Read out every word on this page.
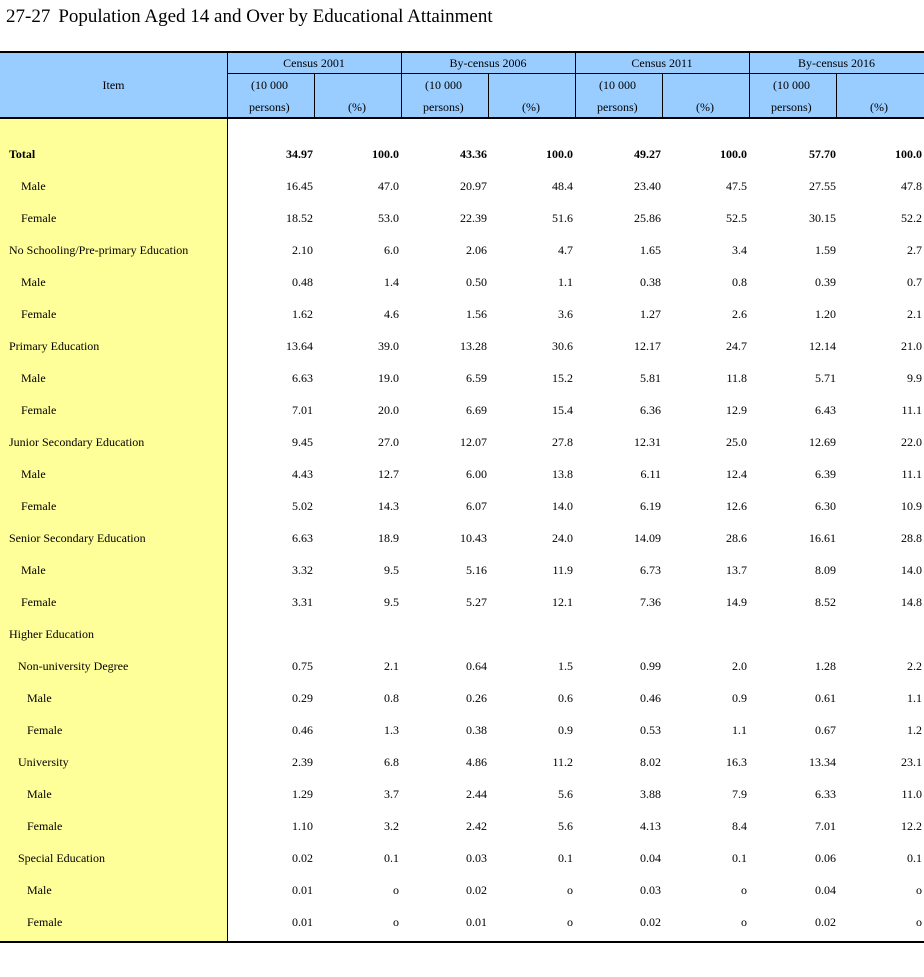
27-27 Population Aged 14 and Over by Educational Attainment
Item
Census 2001	By-census 2006	Census 2011	By-census 2016
(10 000
persons)	(%)
(10 000
persons)	(%)
(10 000
persons)	(%)
(10 000
persons)	(%)
Total	34.97	100.0	43.36	100.0	49.27	100.0	57.70	100.0
Male	16.45	47.0	20.97	48.4	23.40	47.5	27.55	47.8
Female	18.52	53.0	22.39	51.6	25.86	52.5	30.15	52.2
No Schooling/Pre-primary Education	2.10	6.0	2.06	4.7	1.65	3.4	1.59	2.7
Male	0.48	1.4	0.50	1.1	0.38	0.8	0.39	0.7
Female	1.62	4.6	1.56	3.6	1.27	2.6	1.20	2.1
Primary Education	13.64	39.0	13.28	30.6	12.17	24.7	12.14	21.0
Male	6.63	19.0	6.59	15.2	5.81	11.8	5.71	9.9
Female	7.01	20.0	6.69	15.4	6.36	12.9	6.43	11.1
Junior Secondary Education	9.45	27.0	12.07	27.8	12.31	25.0	12.69	22.0
Male	4.43	12.7	6.00	13.8	6.11	12.4	6.39	11.1
Female	5.02	14.3	6.07	14.0	6.19	12.6	6.30	10.9
Senior Secondary Education	6.63	18.9	10.43	24.0	14.09	28.6	16.61	28.8
Male	3.32	9.5	5.16	11.9	6.73	13.7	8.09	14.0
Female	3.31	9.5	5.27	12.1	7.36	14.9	8.52	14.8
Higher Education
Non-university Degree	0.75	2.1	0.64	1.5	0.99	2.0	1.28	2.2
Male	0.29	0.8	0.26	0.6	0.46	0.9	0.61	1.1
Female	0.46	1.3	0.38	0.9	0.53	1.1	0.67	1.2
University	2.39	6.8	4.86	11.2	8.02	16.3	13.34	23.1
Male	1.29	3.7	2.44	5.6	3.88	7.9	6.33	11.0
Female	1.10	3.2	2.42	5.6	4.13	8.4	7.01	12.2
Special Education	0.02	0.1	0.03	0.1	0.04	0.1	0.06	0.1
Male	0.01	o	0.02	o	0.03	o	0.04	o
Female	0.01	o	0.01	o	0.02	o	0.02	o
